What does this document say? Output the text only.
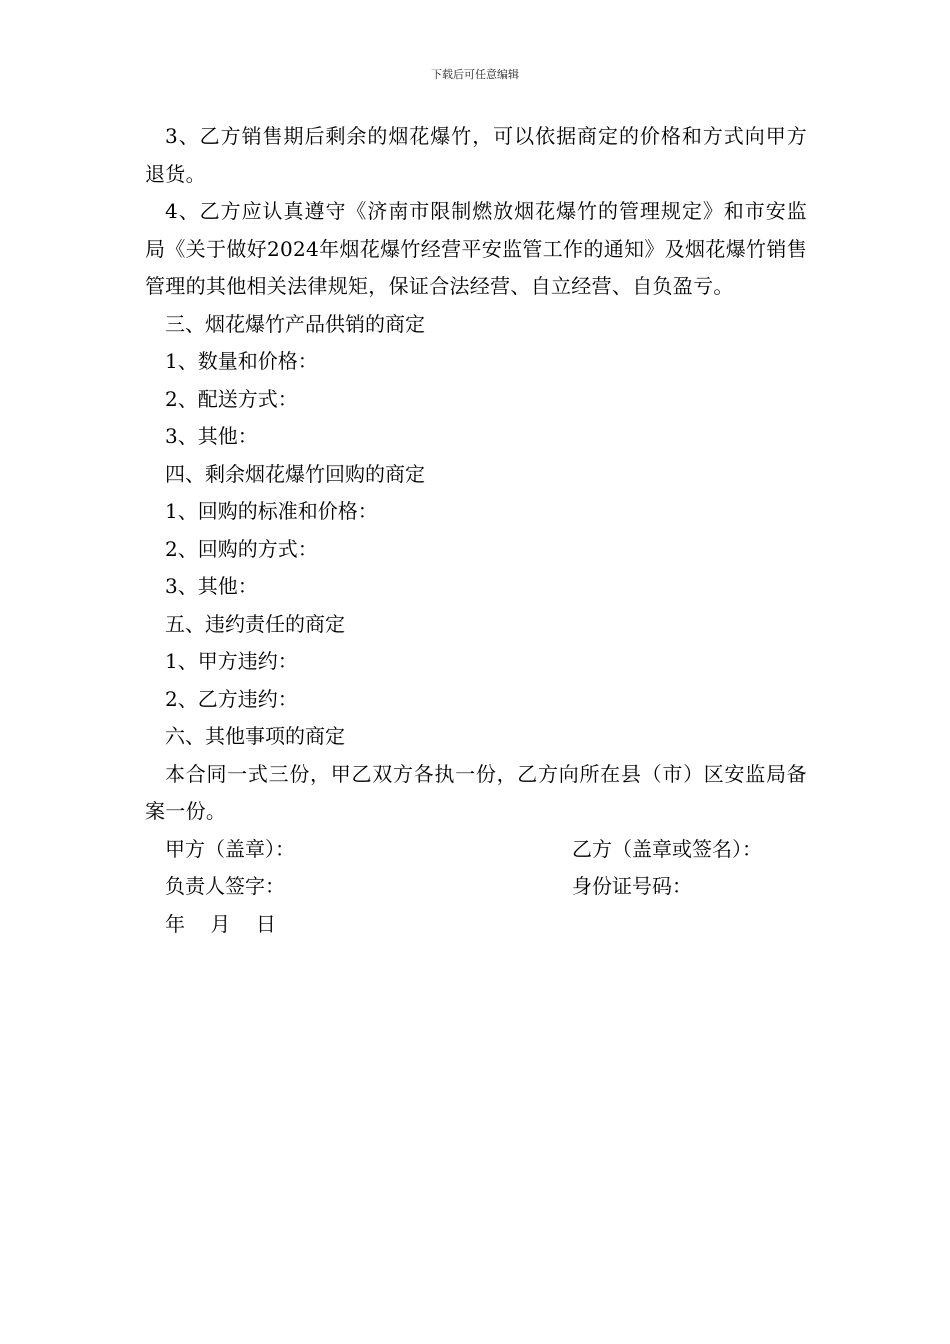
下载后可任意编辑

3、乙方销售期后剩余的烟花爆竹，可以依据商定的价格和方式向甲方退货。

4、乙方应认真遵守《济南市限制燃放烟花爆竹的管理规定》和市安监局《关于做好2024年烟花爆竹经营平安监管工作的通知》及烟花爆竹销售管理的其他相关法律规矩，保证合法经营、自立经营、自负盈亏。

三、烟花爆竹产品供销的商定

1、数量和价格：

2、配送方式：

3、其他：

四、剩余烟花爆竹回购的商定

1、回购的标准和价格：

2、回购的方式：

3、其他：

五、违约责任的商定

1、甲方违约：

2、乙方违约：

六、其他事项的商定

本合同一式三份，甲乙双方各执一份，乙方向所在县（市）区安监局备案一份。

甲方（盖章）：	乙方（盖章或签名）：
负责人签字：	身份证号码：

年    月    日
